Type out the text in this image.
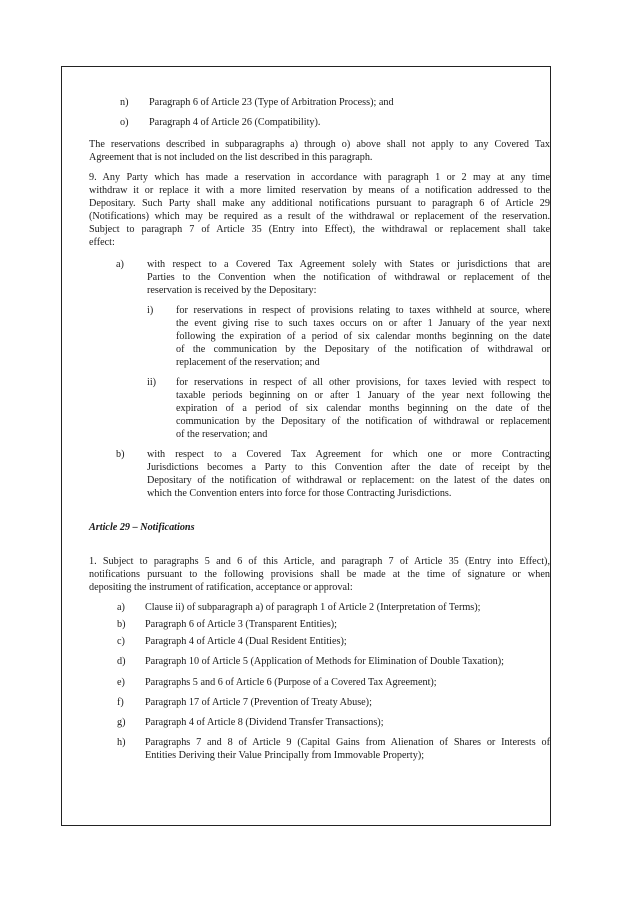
n) Paragraph 6 of Article 23 (Type of Arbitration Process); and
o) Paragraph 4 of Article 26 (Compatibility).
The reservations described in subparagraphs a) through o) above shall not apply to any Covered Tax
Agreement that is not included on the list described in this paragraph.
9. Any Party which has made a reservation in accordance with paragraph 1 or 2 may at any time
withdraw it or replace it with a more limited reservation by means of a notification addressed to the
Depositary. Such Party shall make any additional notifications pursuant to paragraph 6 of Article 29
(Notifications) which may be required as a result of the withdrawal or replacement of the reservation.
Subject to paragraph 7 of Article 35 (Entry into Effect), the withdrawal or replacement shall take
effect:
a) with respect to a Covered Tax Agreement solely with States or jurisdictions that are
Parties to the Convention when the notification of withdrawal or replacement of the
reservation is received by the Depositary:
i) for reservations in respect of provisions relating to taxes withheld at source, where
the event giving rise to such taxes occurs on or after 1 January of the year next
following the expiration of a period of six calendar months beginning on the date
of the communication by the Depositary of the notification of withdrawal or
replacement of the reservation; and
ii) for reservations in respect of all other provisions, for taxes levied with respect to
taxable periods beginning on or after 1 January of the year next following the
expiration of a period of six calendar months beginning on the date of the
communication by the Depositary of the notification of withdrawal or replacement
of the reservation; and
b) with respect to a Covered Tax Agreement for which one or more Contracting
Jurisdictions becomes a Party to this Convention after the date of receipt by the
Depositary of the notification of withdrawal or replacement: on the latest of the dates on
which the Convention enters into force for those Contracting Jurisdictions.
Article 29 – Notifications
1. Subject to paragraphs 5 and 6 of this Article, and paragraph 7 of Article 35 (Entry into Effect),
notifications pursuant to the following provisions shall be made at the time of signature or when
depositing the instrument of ratification, acceptance or approval:
a) Clause ii) of subparagraph a) of paragraph 1 of Article 2 (Interpretation of Terms);
b) Paragraph 6 of Article 3 (Transparent Entities);
c) Paragraph 4 of Article 4 (Dual Resident Entities);
d) Paragraph 10 of Article 5 (Application of Methods for Elimination of Double Taxation);
e) Paragraphs 5 and 6 of Article 6 (Purpose of a Covered Tax Agreement);
f) Paragraph 17 of Article 7 (Prevention of Treaty Abuse);
g) Paragraph 4 of Article 8 (Dividend Transfer Transactions);
h) Paragraphs 7 and 8 of Article 9 (Capital Gains from Alienation of Shares or Interests of
Entities Deriving their Value Principally from Immovable Property);
